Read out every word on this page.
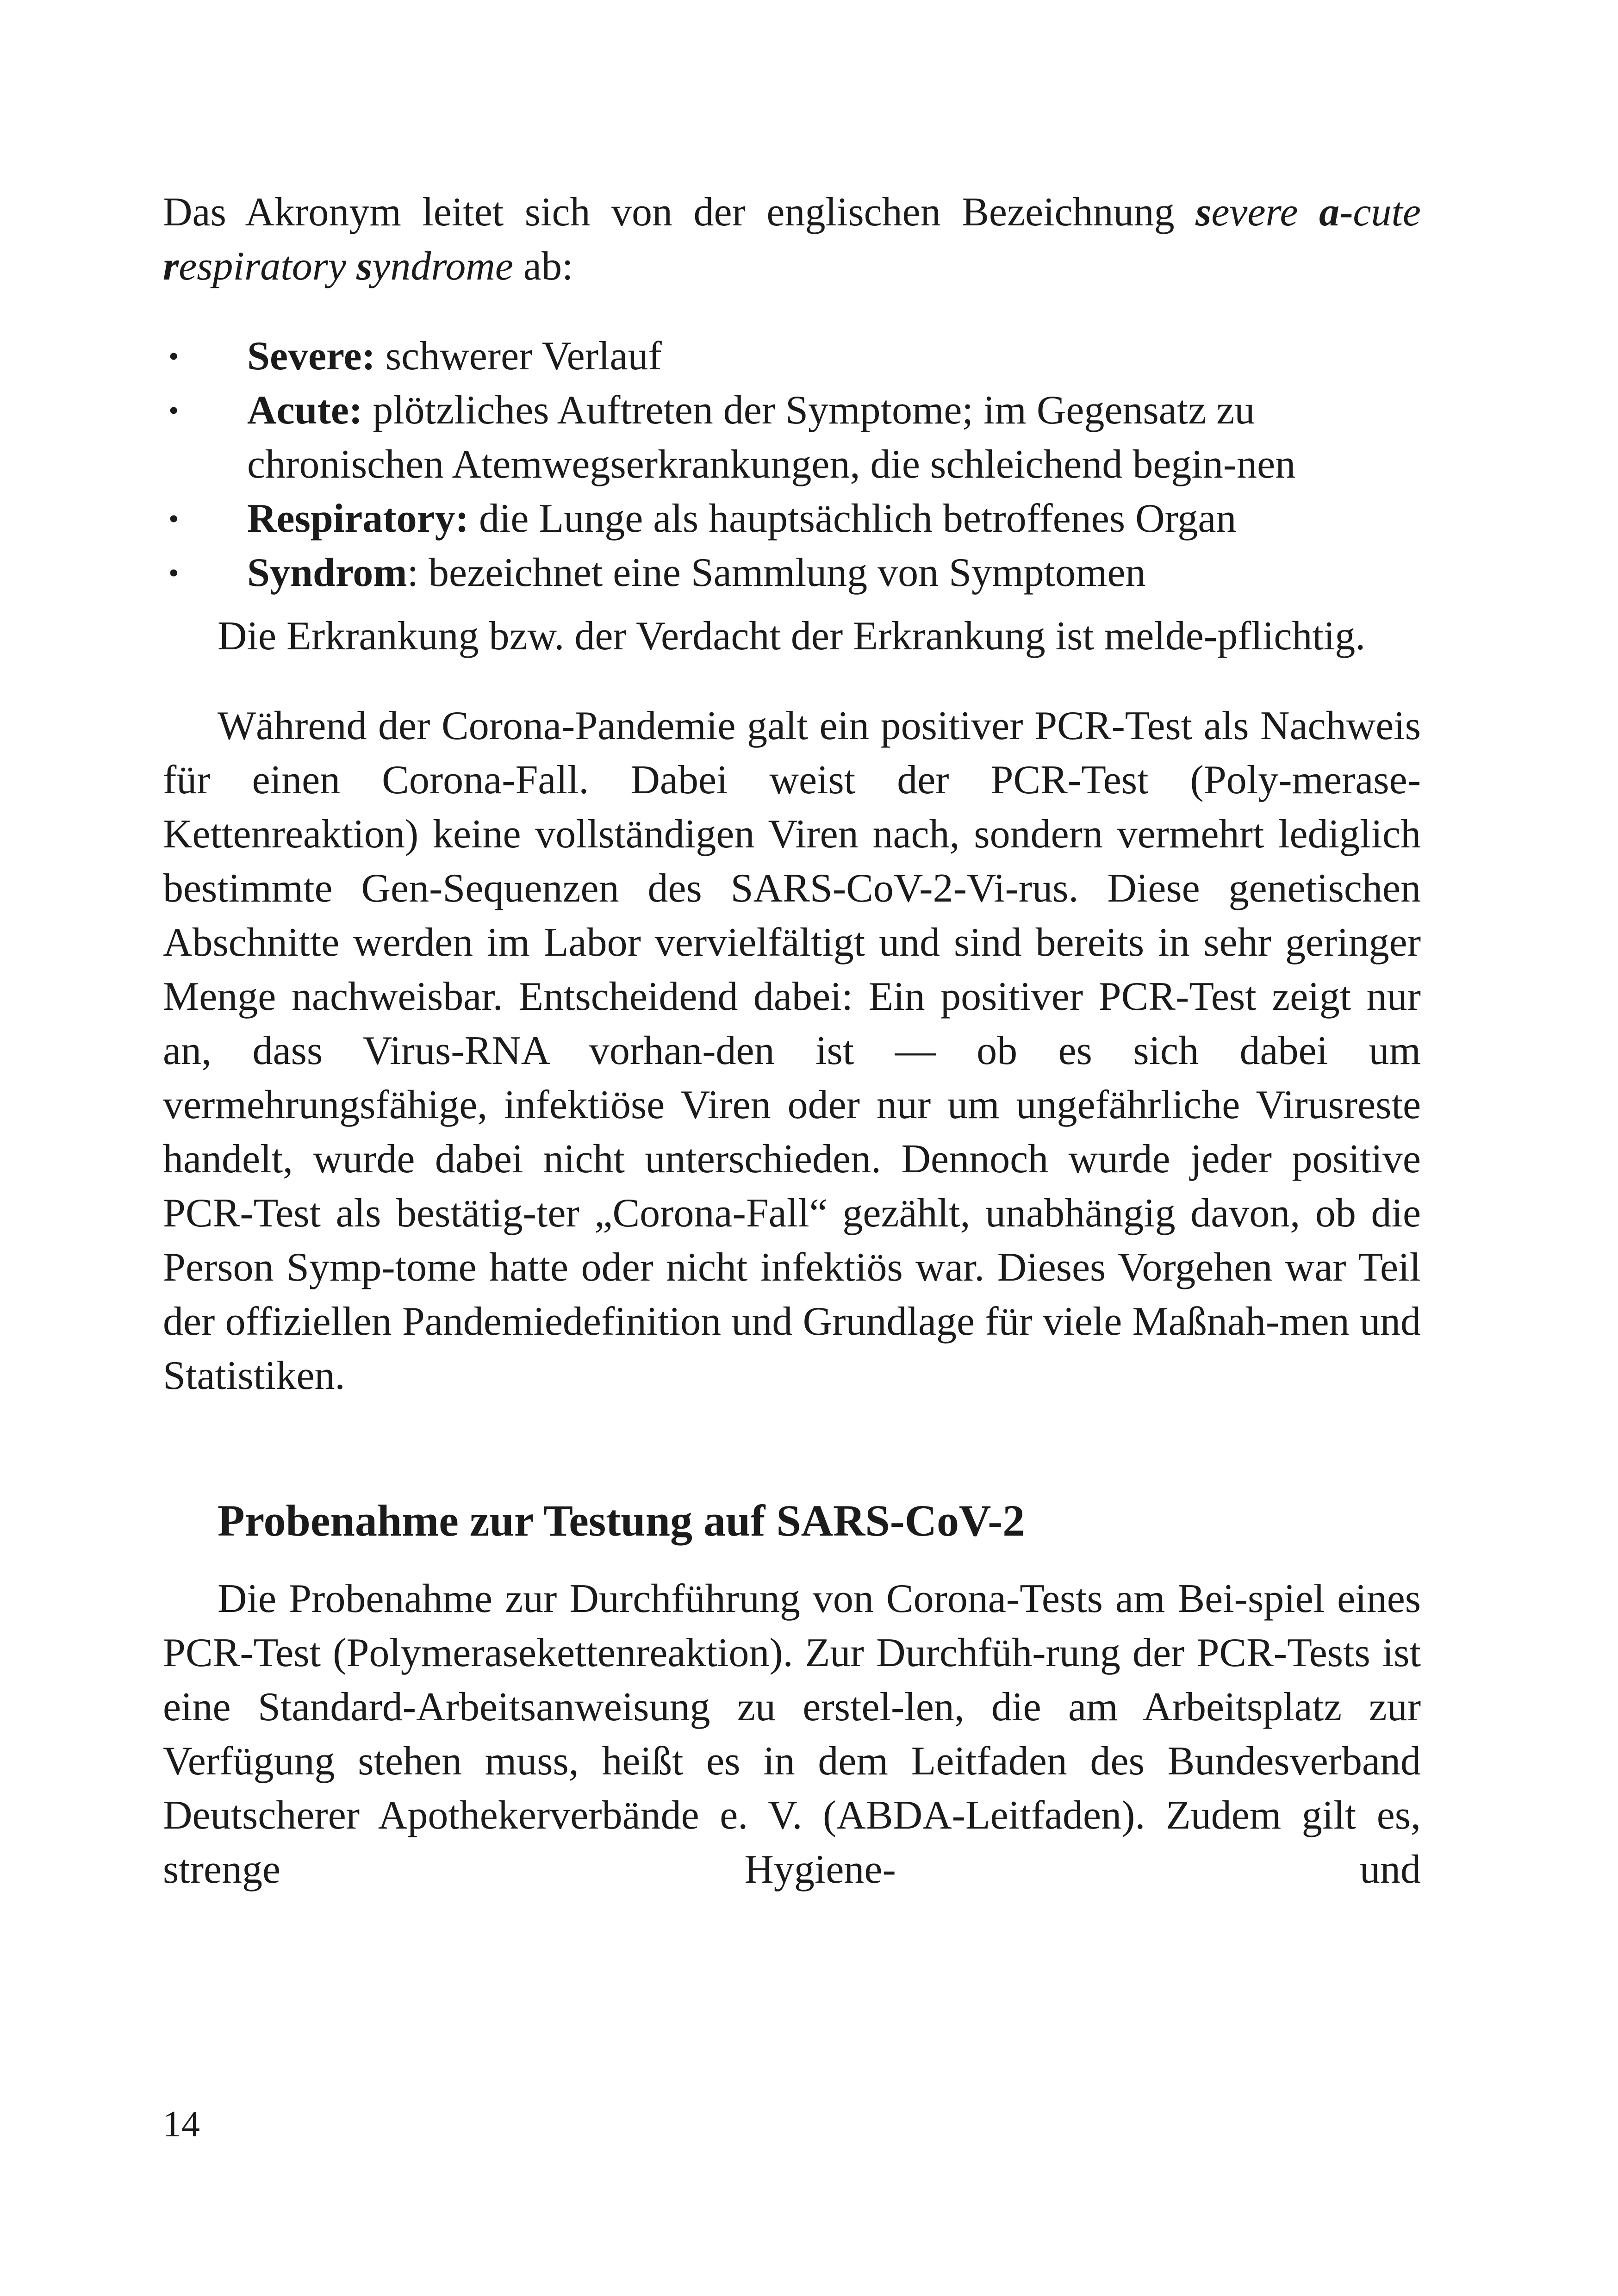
Das Akronym leitet sich von der englischen Bezeichnung severe a-cute respiratory syndrome ab:

• Severe: schwerer Verlauf
• Acute: plötzliches Auftreten der Symptome; im Gegensatz zu chronischen Atemwegserkrankungen, die schleichend begin-nen
• Respiratory: die Lunge als hauptsächlich betroffenes Organ
• Syndrom: bezeichnet eine Sammlung von Symptomen

Die Erkrankung bzw. der Verdacht der Erkrankung ist melde-pflichtig.

Während der Corona-Pandemie galt ein positiver PCR-Test als Nachweis für einen Corona-Fall. Dabei weist der PCR-Test (Poly-merase-Kettenreaktion) keine vollständigen Viren nach, sondern vermehrt lediglich bestimmte Gen-Sequenzen des SARS-CoV-2-Vi-rus. Diese genetischen Abschnitte werden im Labor vervielfältigt und sind bereits in sehr geringer Menge nachweisbar. Entscheidend dabei: Ein positiver PCR-Test zeigt nur an, dass Virus-RNA vorhan-den ist — ob es sich dabei um vermehrungsfähige, infektiöse Viren oder nur um ungefährliche Virusreste handelt, wurde dabei nicht unterschieden. Dennoch wurde jeder positive PCR-Test als bestätig-ter „Corona-Fall“ gezählt, unabhängig davon, ob die Person Symp-tome hatte oder nicht infektiös war. Dieses Vorgehen war Teil der offiziellen Pandemiedefinition und Grundlage für viele Maßnah-men und Statistiken.

Probenahme zur Testung auf SARS-CoV-2

Die Probenahme zur Durchführung von Corona-Tests am Bei-spiel eines PCR-Test (Polymerasekettenreaktion). Zur Durchfüh-rung der PCR-Tests ist eine Standard-Arbeitsanweisung zu erstel-len, die am Arbeitsplatz zur Verfügung stehen muss, heißt es in dem Leitfaden des Bundesverband Deutscherer Apothekerverbände e. V. (ABDA-Leitfaden). Zudem gilt es, strenge Hygiene- und

14
